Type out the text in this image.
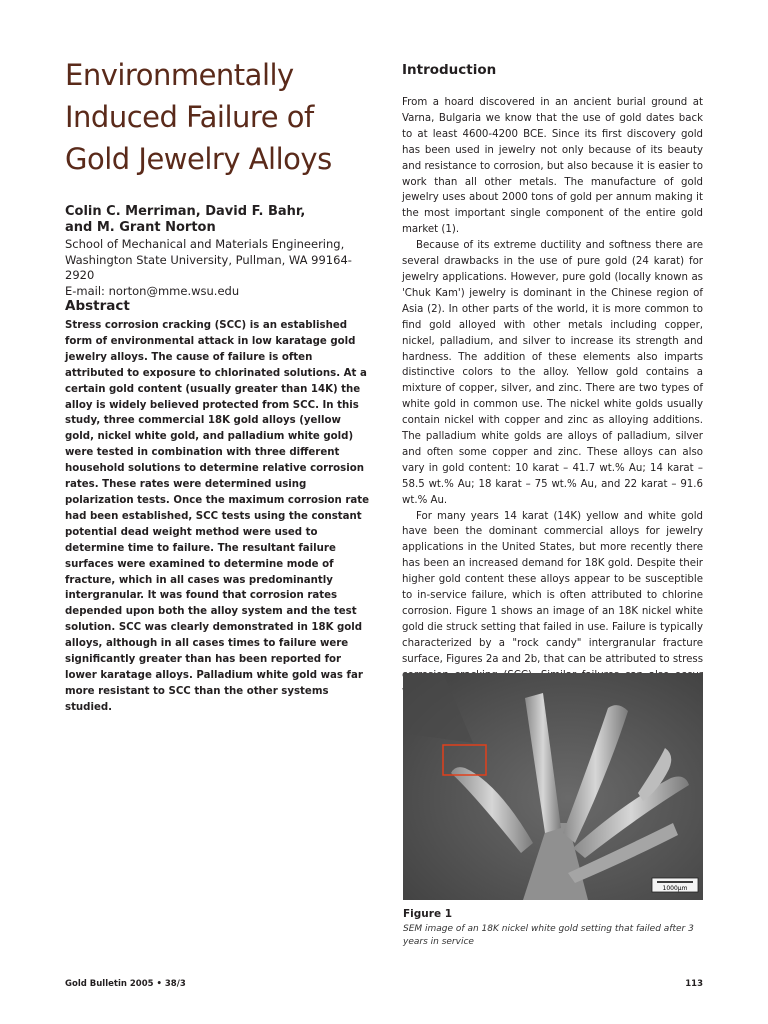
Environmentally Induced Failure of Gold Jewelry Alloys
Colin C. Merriman, David F. Bahr,
and M. Grant Norton
School of Mechanical and Materials Engineering,
Washington State University, Pullman, WA 99164-2920
E-mail: norton@mme.wsu.edu
Abstract

Stress corrosion cracking (SCC) is an established form of environmental attack in low karatage gold jewelry alloys. The cause of failure is often attributed to exposure to chlorinated solutions. At a certain gold content (usually greater than 14K) the alloy is widely believed protected from SCC. In this study, three commercial 18K gold alloys (yellow gold, nickel white gold, and palladium white gold) were tested in combination with three different household solutions to determine relative corrosion rates. These rates were determined using polarization tests. Once the maximum corrosion rate had been established, SCC tests using the constant potential dead weight method were used to determine time to failure. The resultant failure surfaces were examined to determine mode of fracture, which in all cases was predominantly intergranular. It was found that corrosion rates depended upon both the alloy system and the test solution. SCC was clearly demonstrated in 18K gold alloys, although in all cases times to failure were significantly greater than has been reported for lower karatage alloys. Palladium white gold was far more resistant to SCC than the other systems studied.

Introduction

From a hoard discovered in an ancient burial ground at Varna, Bulgaria we know that the use of gold dates back to at least 4600-4200 BCE. Since its first discovery gold has been used in jewelry not only because of its beauty and resistance to corrosion, but also because it is easier to work than all other metals. The manufacture of gold jewelry uses about 2000 tons of gold per annum making it the most important single component of the entire gold market (1).

Because of its extreme ductility and softness there are several drawbacks in the use of pure gold (24 karat) for jewelry applications. However, pure gold (locally known as 'Chuk Kam') jewelry is dominant in the Chinese region of Asia (2). In other parts of the world, it is more common to find gold alloyed with other metals including copper, nickel, palladium, and silver to increase its strength and hardness. The addition of these elements also imparts distinctive colors to the alloy. Yellow gold contains a mixture of copper, silver, and zinc. There are two types of white gold in common use. The nickel white golds usually contain nickel with copper and zinc as alloying additions. The palladium white golds are alloys of palladium, silver and often some copper and zinc. These alloys can also vary in gold content: 10 karat – 41.7 wt.% Au; 14 karat – 58.5 wt.% Au; 18 karat – 75 wt.% Au, and 22 karat – 91.6 wt.% Au.

For many years 14 karat (14K) yellow and white gold have been the dominant commercial alloys for jewelry applications in the United States, but more recently there has been an increased demand for 18K gold. Despite their higher gold content these alloys appear to be susceptible to in-service failure, which is often attributed to chlorine corrosion. Figure 1 shows an image of an 18K nickel white gold die struck setting that failed in use. Failure is typically characterized by a "rock candy" intergranular fracture surface, Figures 2a and 2b, that can be attributed to stress

1000µm
Figure 1
SEM image of an 18K nickel white gold setting that failed after 3 years in service
Gold Bulletin 2005 • 38/3	113
